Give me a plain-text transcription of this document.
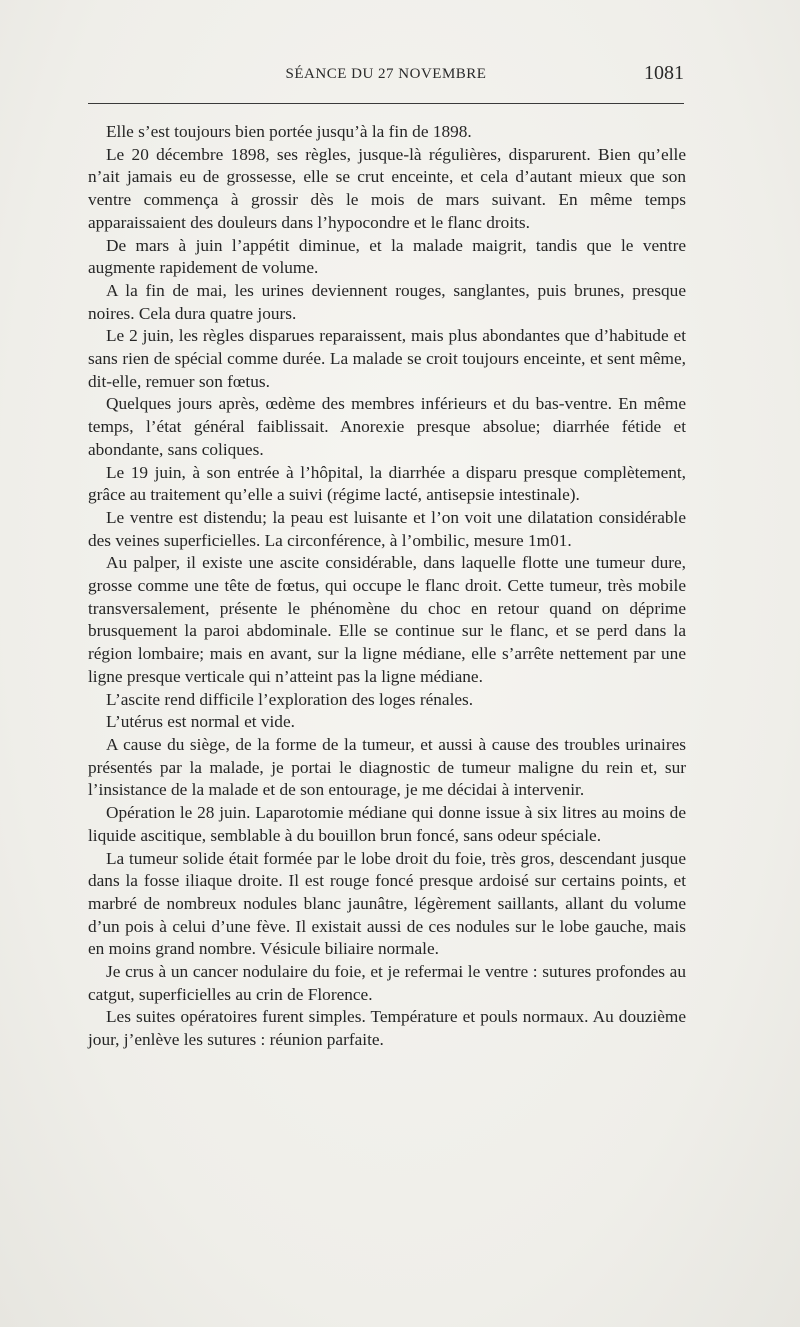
SÉANCE DU 27 NOVEMBRE	1081

Elle s’est toujours bien portée jusqu’à la fin de 1898.

Le 20 décembre 1898, ses règles, jusque-là régulières, disparurent. Bien qu’elle n’ait jamais eu de grossesse, elle se crut enceinte, et cela d’autant mieux que son ventre commença à grossir dès le mois de mars suivant. En même temps apparaissaient des douleurs dans l’hypocondre et le flanc droits.

De mars à juin l’appétit diminue, et la malade maigrit, tandis que le ventre augmente rapidement de volume.

A la fin de mai, les urines deviennent rouges, sanglantes, puis brunes, presque noires. Cela dura quatre jours.

Le 2 juin, les règles disparues reparaissent, mais plus abondantes que d’habitude et sans rien de spécial comme durée. La malade se croit toujours enceinte, et sent même, dit-elle, remuer son fœtus.

Quelques jours après, œdème des membres inférieurs et du bas-ventre. En même temps, l’état général faiblissait. Anorexie presque absolue; diarrhée fétide et abondante, sans coliques.

Le 19 juin, à son entrée à l’hôpital, la diarrhée a disparu presque complètement, grâce au traitement qu’elle a suivi (régime lacté, antisepsie intestinale).

Le ventre est distendu; la peau est luisante et l’on voit une dilatation considérable des veines superficielles. La circonférence, à l’ombilic, mesure 1m01.

Au palper, il existe une ascite considérable, dans laquelle flotte une tumeur dure, grosse comme une tête de fœtus, qui occupe le flanc droit. Cette tumeur, très mobile transversalement, présente le phénomène du choc en retour quand on déprime brusquement la paroi abdominale. Elle se continue sur le flanc, et se perd dans la région lombaire; mais en avant, sur la ligne médiane, elle s’arrête nettement par une ligne presque verticale qui n’atteint pas la ligne médiane.

L’ascite rend difficile l’exploration des loges rénales.

L’utérus est normal et vide.

A cause du siège, de la forme de la tumeur, et aussi à cause des troubles urinaires présentés par la malade, je portai le diagnostic de tumeur maligne du rein et, sur l’insistance de la malade et de son entourage, je me décidai à intervenir.

Opération le 28 juin. Laparotomie médiane qui donne issue à six litres au moins de liquide ascitique, semblable à du bouillon brun foncé, sans odeur spéciale.

La tumeur solide était formée par le lobe droit du foie, très gros, descendant jusque dans la fosse iliaque droite. Il est rouge foncé presque ardoisé sur certains points, et marbré de nombreux nodules blanc jaunâtre, légèrement saillants, allant du volume d’un pois à celui d’une fève. Il existait aussi de ces nodules sur le lobe gauche, mais en moins grand nombre. Vésicule biliaire normale.

Je crus à un cancer nodulaire du foie, et je refermai le ventre : sutures profondes au catgut, superficielles au crin de Florence.

Les suites opératoires furent simples. Température et pouls normaux. Au douzième jour, j’enlève les sutures : réunion parfaite.
